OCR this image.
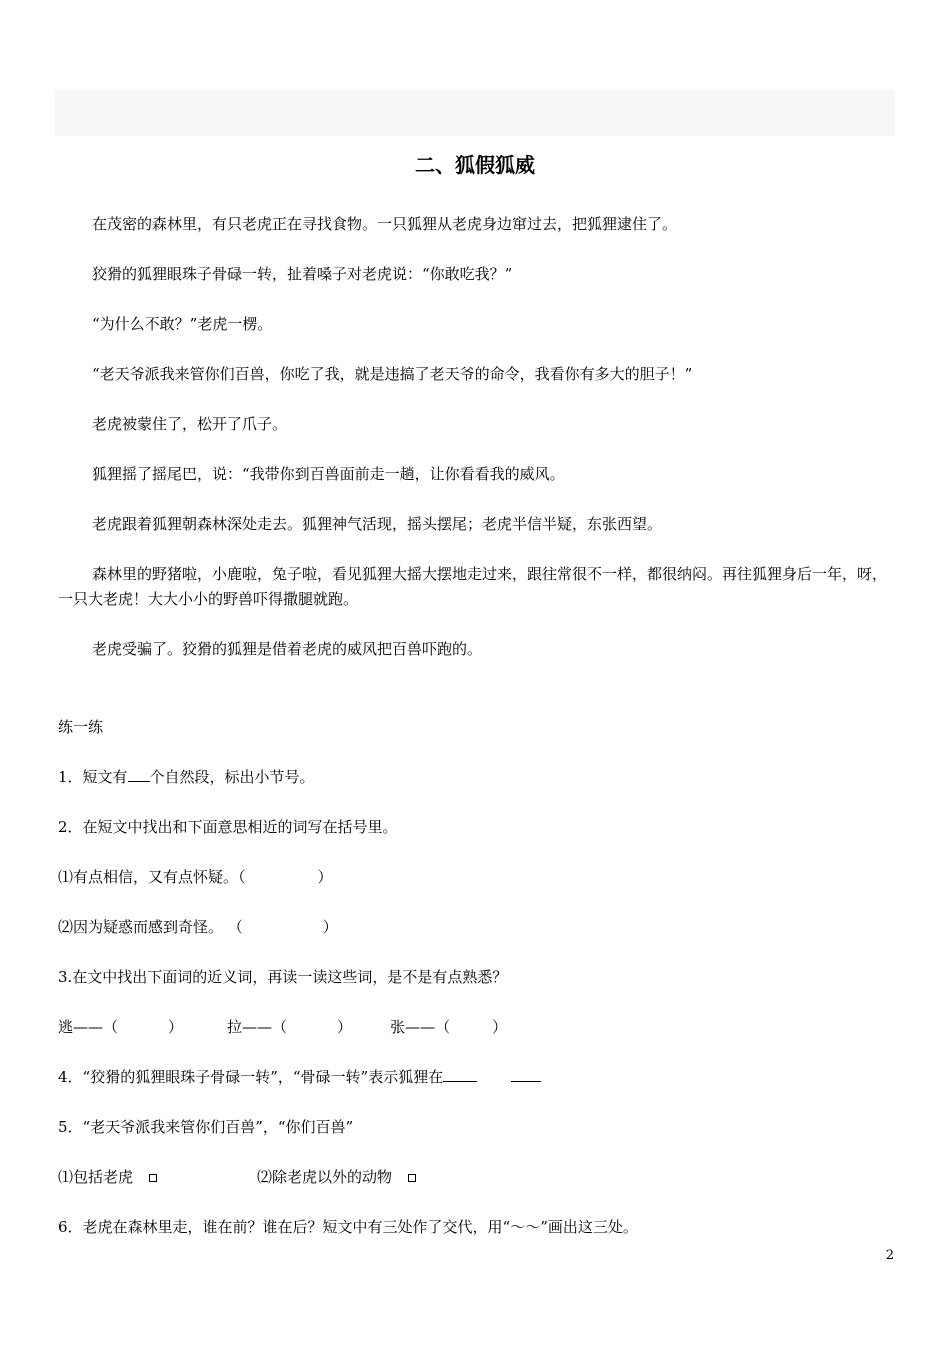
二、狐假狐威

在茂密的森林里，有只老虎正在寻找食物。一只狐狸从老虎身边窜过去，把狐狸逮住了。

狡猾的狐狸眼珠子骨碌一转，扯着嗓子对老虎说：“你敢吃我？”

“为什么不敢？”老虎一楞。

“老天爷派我来管你们百兽，你吃了我，就是违搞了老天爷的命令，我看你有多大的胆子！”

老虎被蒙住了，松开了爪子。

狐狸摇了摇尾巴，说：“我带你到百兽面前走一趟，让你看看我的威风。

老虎跟着狐狸朝森林深处走去。狐狸神气活现，摇头摆尾；老虎半信半疑，东张西望。

森林里的野猪啦，小鹿啦，兔子啦，看见狐狸大摇大摆地走过来，跟往常很不一样，都很纳闷。再往狐狸身后一年，呀，一只大老虎！大大小小的野兽吓得撒腿就跑。

老虎受骗了。狡猾的狐狸是借着老虎的威风把百兽吓跑的。

练一练
1．短文有 个自然段，标出小节号。
2．在短文中找出和下面意思相近的词写在括号里。
⑴有点相信，又有点怀疑。（	）
⑵因为疑惑而感到奇怪。 （	）
3.在文中找出下面词的近义词，再读一读这些词，是不是有点熟悉？
逃——（	）	拉——（	）	张——（	）
4．“狡猾的狐狸眼珠子骨碌一转”，“骨碌一转”表示狐狸在
5．“老天爷派我来管你们百兽”，“你们百兽”
⑴包括老虎	⑵除老虎以外的动物
6．老虎在森林里走，谁在前？谁在后？短文中有三处作了交代，用“～～”画出这三处。
2
